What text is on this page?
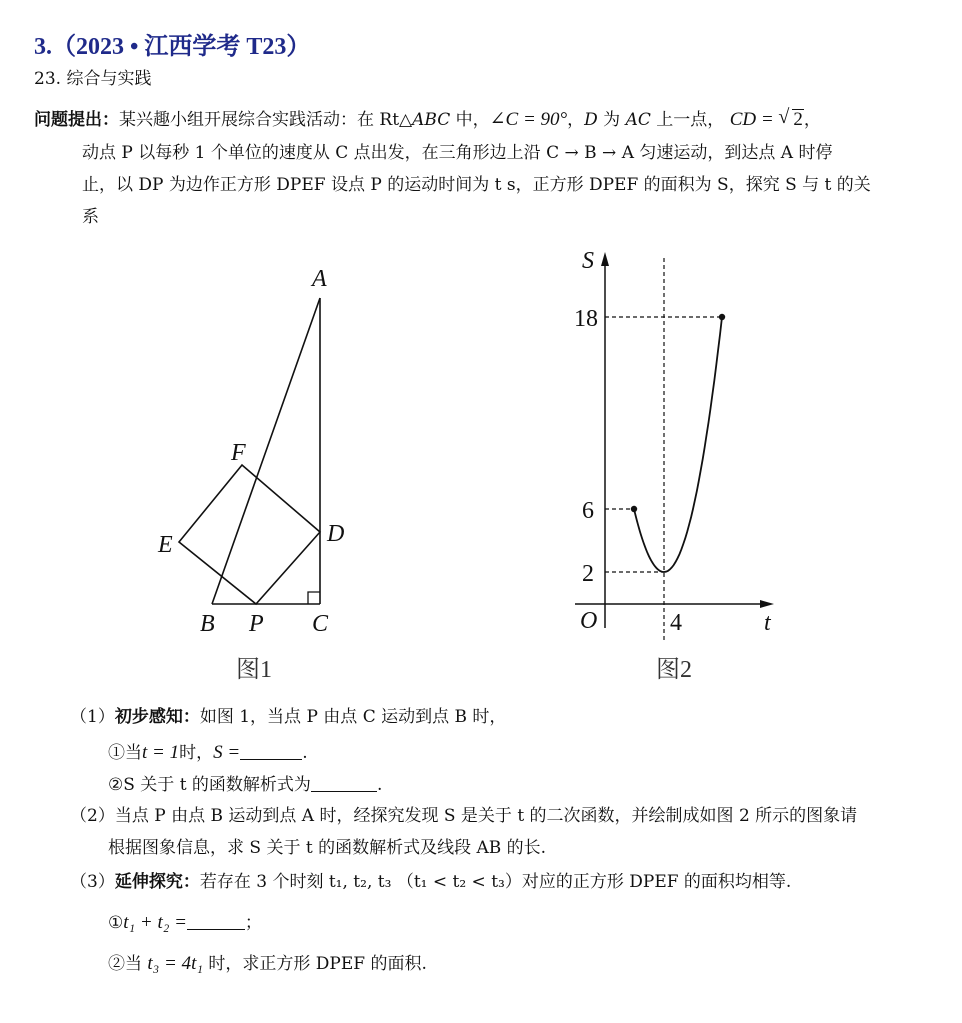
3.（2023 • 江西学考 T23）
23. 综合与实践
问题提出：某兴趣小组开展综合实践活动：在 Rt△ABC 中，∠C = 90°，D 为 AC 上一点， CD = √ 2，
动点 P 以每秒 1 个单位的速度从 C 点出发，在三角形边上沿 C → B → A 匀速运动，到达点 A 时停
止，以 DP 为边作正方形 DPEF 设点 P 的运动时间为 t s，正方形 DPEF 的面积为 S，探究 S 与 t 的关
系
A
F
E	D
B P C
图1
S
18
6
2
O	4	t
图2
（1）初步感知：如图 1，当点 P 由点 C 运动到点 B 时，
①当t = 1时，S =	.
②S 关于 t 的函数解析式为	.
（2）当点 P 由点 B 运动到点 A 时，经探究发现 S 是关于 t 的二次函数，并绘制成如图 2 所示的图象请
根据图象信息，求 S 关于 t 的函数解析式及线段 AB 的长.
（3）延伸探究：若存在 3 个时刻 t₁, t₂, t₃ （t₁ < t₂ < t₃）对应的正方形 DPEF 的面积均相等.
①t₁ + t₂ =	；
②当 t₃ = 4t₁ 时，求正方形 DPEF 的面积.
